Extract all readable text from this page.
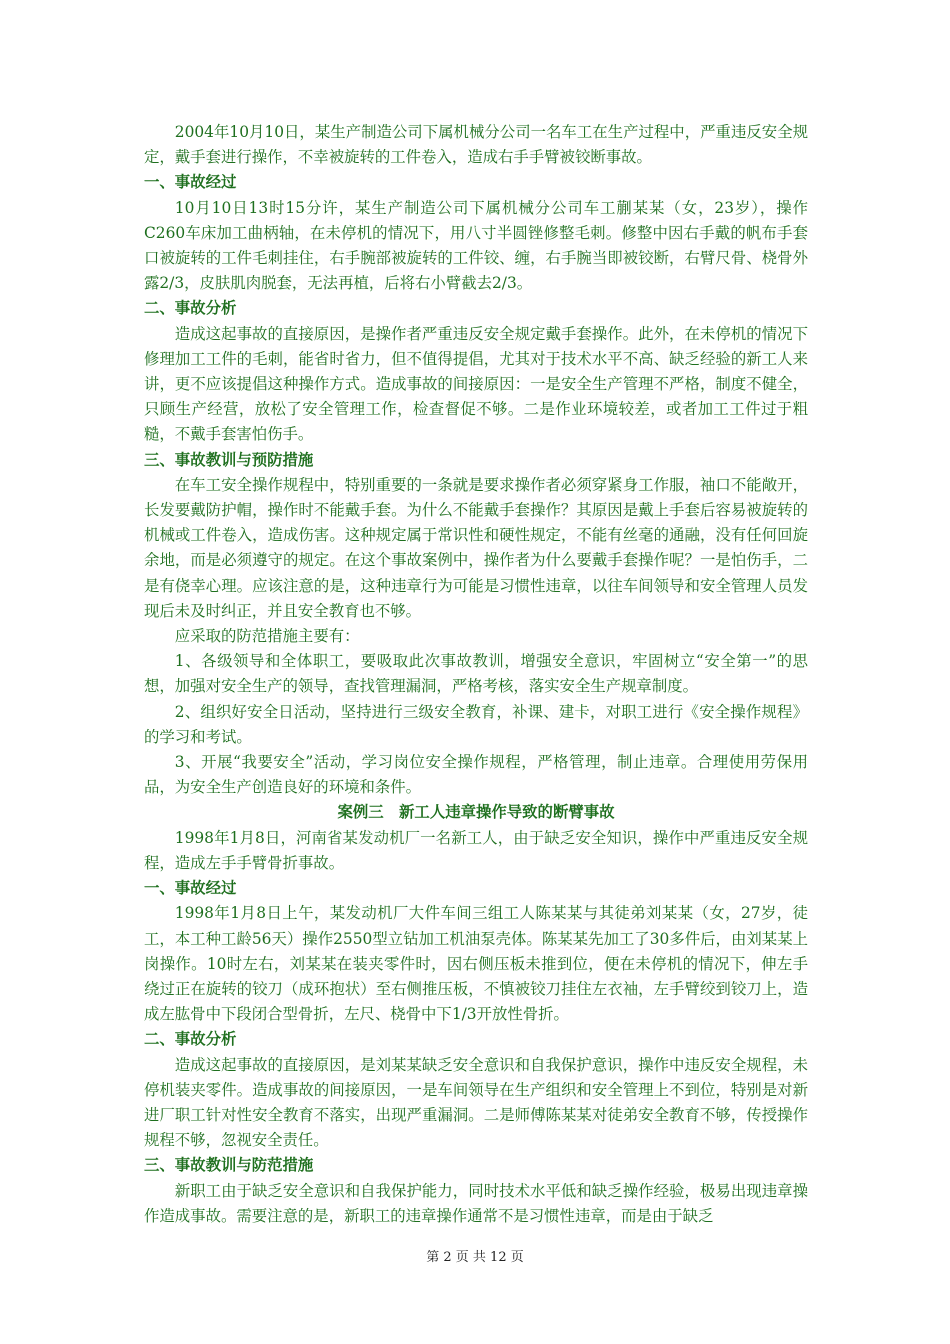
2004年10月10日，某生产制造公司下属机械分公司一名车工在生产过程中，严重违反安全规定，戴手套进行操作，不幸被旋转的工件卷入，造成右手手臂被铰断事故。

一、事故经过

10月10日13时15分许，某生产制造公司下属机械分公司车工蒯某某（女，23岁），操作C260车床加工曲柄轴，在未停机的情况下，用八寸半圆锉修整毛刺。修整中因右手戴的帆布手套口被旋转的工件毛刺挂住，右手腕部被旋转的工件铰、缠，右手腕当即被铰断，右臂尺骨、桡骨外露2/3，皮肤肌肉脱套，无法再植，后将右小臂截去2/3。

二、事故分析

造成这起事故的直接原因，是操作者严重违反安全规定戴手套操作。此外，在未停机的情况下修理加工工件的毛刺，能省时省力，但不值得提倡，尤其对于技术水平不高、缺乏经验的新工人来讲，更不应该提倡这种操作方式。造成事故的间接原因：一是安全生产管理不严格，制度不健全，只顾生产经营，放松了安全管理工作，检查督促不够。二是作业环境较差，或者加工工件过于粗糙，不戴手套害怕伤手。

三、事故教训与预防措施

在车工安全操作规程中，特别重要的一条就是要求操作者必须穿紧身工作服，袖口不能敞开，长发要戴防护帽，操作时不能戴手套。为什么不能戴手套操作？其原因是戴上手套后容易被旋转的机械或工件卷入，造成伤害。这种规定属于常识性和硬性规定，不能有丝毫的通融，没有任何回旋余地，而是必须遵守的规定。在这个事故案例中，操作者为什么要戴手套操作呢？一是怕伤手，二是有侥幸心理。应该注意的是，这种违章行为可能是习惯性违章，以往车间领导和安全管理人员发现后未及时纠正，并且安全教育也不够。

应采取的防范措施主要有：

1、各级领导和全体职工，要吸取此次事故教训，增强安全意识，牢固树立“安全第一”的思想，加强对安全生产的领导，查找管理漏洞，严格考核，落实安全生产规章制度。

2、组织好安全日活动，坚持进行三级安全教育，补课、建卡，对职工进行《安全操作规程》的学习和考试。

3、开展“我要安全”活动，学习岗位安全操作规程，严格管理，制止违章。合理使用劳保用品，为安全生产创造良好的环境和条件。

案例三　新工人违章操作导致的断臂事故

1998年1月8日，河南省某发动机厂一名新工人，由于缺乏安全知识，操作中严重违反安全规程，造成左手手臂骨折事故。

一、事故经过

1998年1月8日上午，某发动机厂大件车间三组工人陈某某与其徒弟刘某某（女，27岁，徒工，本工种工龄56天）操作2550型立钻加工机油泵壳体。陈某某先加工了30多件后，由刘某某上岗操作。10时左右，刘某某在装夹零件时，因右侧压板未推到位，便在未停机的情况下，伸左手绕过正在旋转的铰刀（成环抱状）至右侧推压板，不慎被铰刀挂住左衣袖，左手臂绞到铰刀上，造成左肱骨中下段闭合型骨折，左尺、桡骨中下1/3开放性骨折。

二、事故分析

造成这起事故的直接原因，是刘某某缺乏安全意识和自我保护意识，操作中违反安全规程，未停机装夹零件。造成事故的间接原因，一是车间领导在生产组织和安全管理上不到位，特别是对新进厂职工针对性安全教育不落实，出现严重漏洞。二是师傅陈某某对徒弟安全教育不够，传授操作规程不够，忽视安全责任。

三、事故教训与防范措施

新职工由于缺乏安全意识和自我保护能力，同时技术水平低和缺乏操作经验，极易出现违章操作造成事故。需要注意的是，新职工的违章操作通常不是习惯性违章，而是由于缺乏

第 2 页 共 12 页
